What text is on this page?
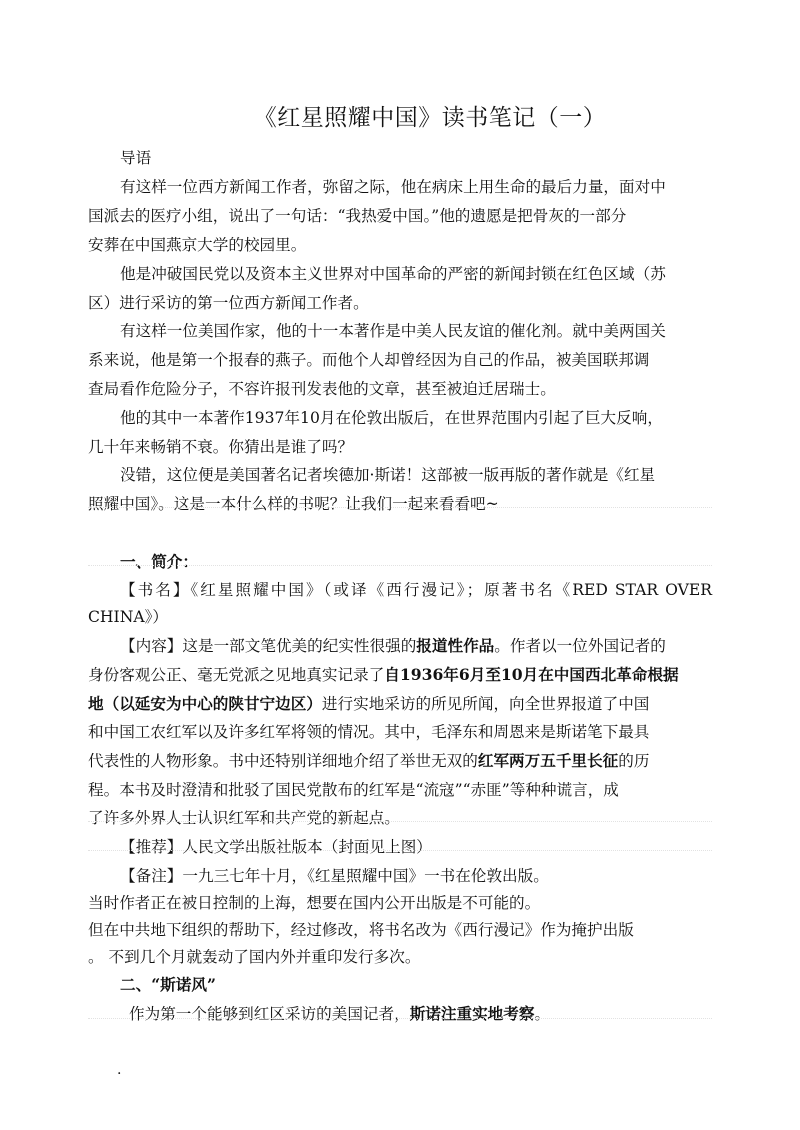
《红星照耀中国》读书笔记（一）
导语
有这样一位西方新闻工作者，弥留之际，他在病床上用生命的最后力量，面对中
国派去的医疗小组，说出了一句话：“我热爱中国。”他的遗愿是把骨灰的一部分
安葬在中国燕京大学的校园里。
他是冲破国民党以及资本主义世界对中国革命的严密的新闻封锁在红色区域（苏
区）进行采访的第一位西方新闻工作者。
有这样一位美国作家，他的十一本著作是中美人民友谊的催化剂。就中美两国关
系来说，他是第一个报春的燕子。而他个人却曾经因为自己的作品，被美国联邦调
查局看作危险分子，不容许报刊发表他的文章，甚至被迫迁居瑞士。
他的其中一本著作1937年10月在伦敦出版后，在世界范围内引起了巨大反响，
几十年来畅销不衰。你猜出是谁了吗？
没错，这位便是美国著名记者埃德加·斯诺！这部被一版再版的著作就是《红星
照耀中国》。这是一本什么样的书呢？让我们一起来看看吧~
一、简介：
【书名】《红星照耀中国》（或译《西行漫记》；原著书名《RED STAR OVER
CHINA》）
【内容】这是一部文笔优美的纪实性很强的报道性作品。作者以一位外国记者的
身份客观公正、毫无党派之见地真实记录了自1936年6月至10月在中国西北革命根据
地（以延安为中心的陕甘宁边区）进行实地采访的所见所闻，向全世界报道了中国
和中国工农红军以及许多红军将领的情况。其中，毛泽东和周恩来是斯诺笔下最具
代表性的人物形象。书中还特别详细地介绍了举世无双的红军两万五千里长征的历
程。本书及时澄清和批驳了国民党散布的红军是“流寇”“赤匪”等种种谎言，成
了许多外界人士认识红军和共产党的新起点。
【推荐】人民文学出版社版本（封面见上图）
【备注】一九三七年十月，《红星照耀中国》一书在伦敦出版。
当时作者正在被日控制的上海，想要在国内公开出版是不可能的。
但在中共地下组织的帮助下，经过修改，将书名改为《西行漫记》作为掩护出版
。 不到几个月就轰动了国内外并重印发行多次。
二、“斯诺风”
作为第一个能够到红区采访的美国记者，斯诺注重实地考察。
.
